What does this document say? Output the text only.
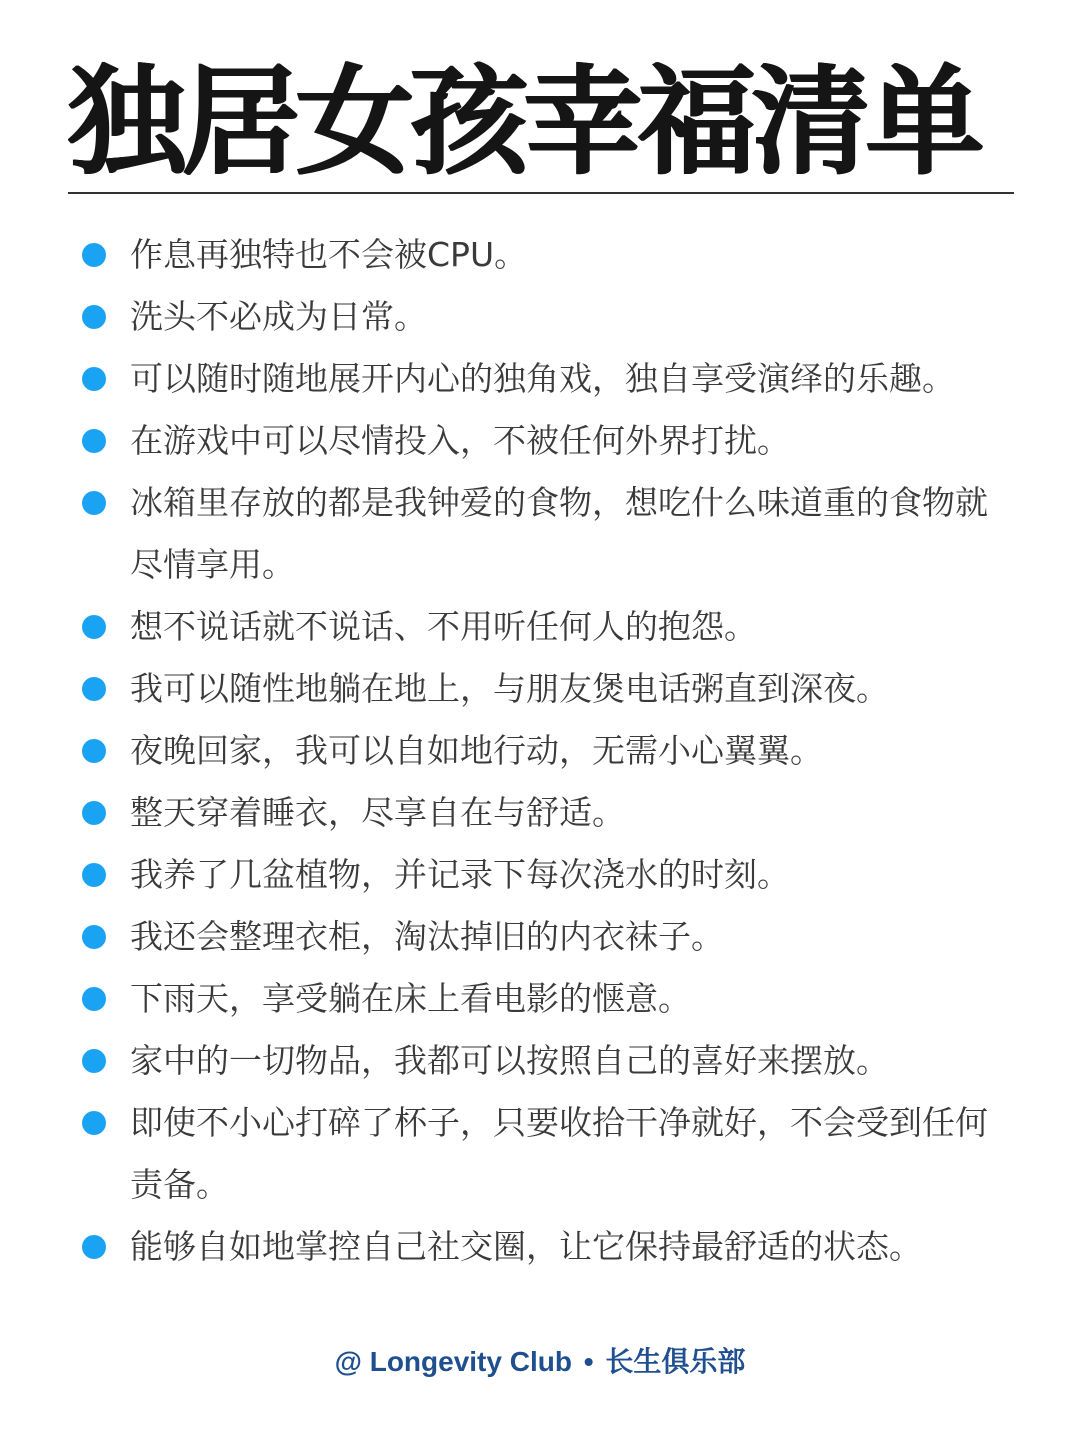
独居女孩幸福清单
作息再独特也不会被CPU。
洗头不必成为日常。
可以随时随地展开内心的独角戏，独自享受演绎的乐趣。
在游戏中可以尽情投入，不被任何外界打扰。
冰箱里存放的都是我钟爱的食物，想吃什么味道重的食物就尽情享用。
想不说话就不说话、不用听任何人的抱怨。
我可以随性地躺在地上，与朋友煲电话粥直到深夜。
夜晚回家，我可以自如地行动，无需小心翼翼。
整天穿着睡衣，尽享自在与舒适。
我养了几盆植物，并记录下每次浇水的时刻。
我还会整理衣柜，淘汰掉旧的内衣袜子。
下雨天，享受躺在床上看电影的惬意。
家中的一切物品，我都可以按照自己的喜好来摆放。
即使不小心打碎了杯子，只要收拾干净就好，不会受到任何责备。
能够自如地掌控自己社交圈，让它保持最舒适的状态。
@ Longevity Club • 长生俱乐部
